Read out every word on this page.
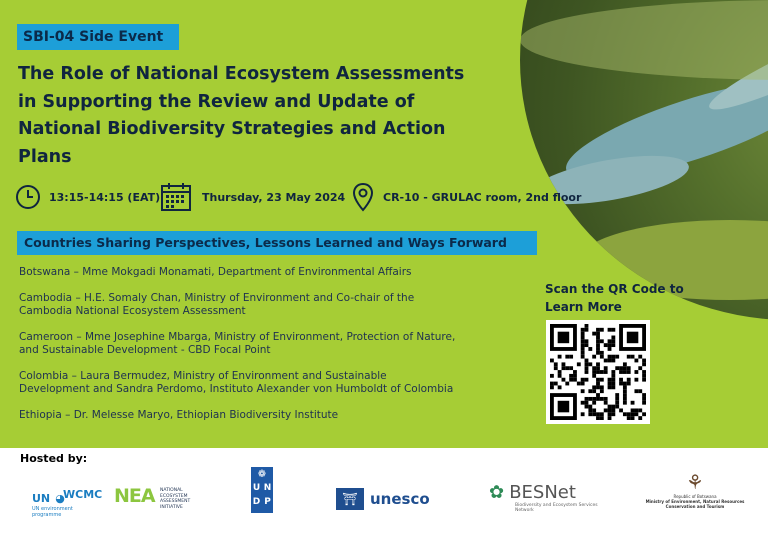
SBI-04 Side Event
The Role of National Ecosystem Assessments in Supporting the Review and Update of National Biodiversity Strategies and Action Plans
13:15-14:15 (EAT)	Thursday, 23 May 2024	CR-10 - GRULAC room, 2nd floor
Countries Sharing Perspectives, Lessons Learned and Ways Forward
Botswana – Mme Mokgadi Monamati, Department of Environmental Affairs
Cambodia – H.E. Somaly Chan, Ministry of Environment and Co-chair of the Cambodia National Ecosystem Assessment
Cameroon – Mme Josephine Mbarga, Ministry of Environment, Protection of Nature, and Sustainable Development - CBD Focal Point
Colombia – Laura Bermudez, Ministry of Environment and Sustainable Development and Sandra Perdomo, Instituto Alexander von Humboldt of Colombia
Ethiopia – Dr. Melesse Maryo, Ethiopian Biodiversity Institute
Scan the QR Code to Learn More
Hosted by:
UN ◕
UN environment programme
WCMC NEA NATIONAL ECOSYSTEM ASSESSMENT INITIATIVE
❁
U N
D P	⛩ unesco	✿ BESNet
Biodiversity and Ecosystem Services Network
⚘
Republic of Botswana
Ministry of Environment, Natural Resources Conservation and Tourism
